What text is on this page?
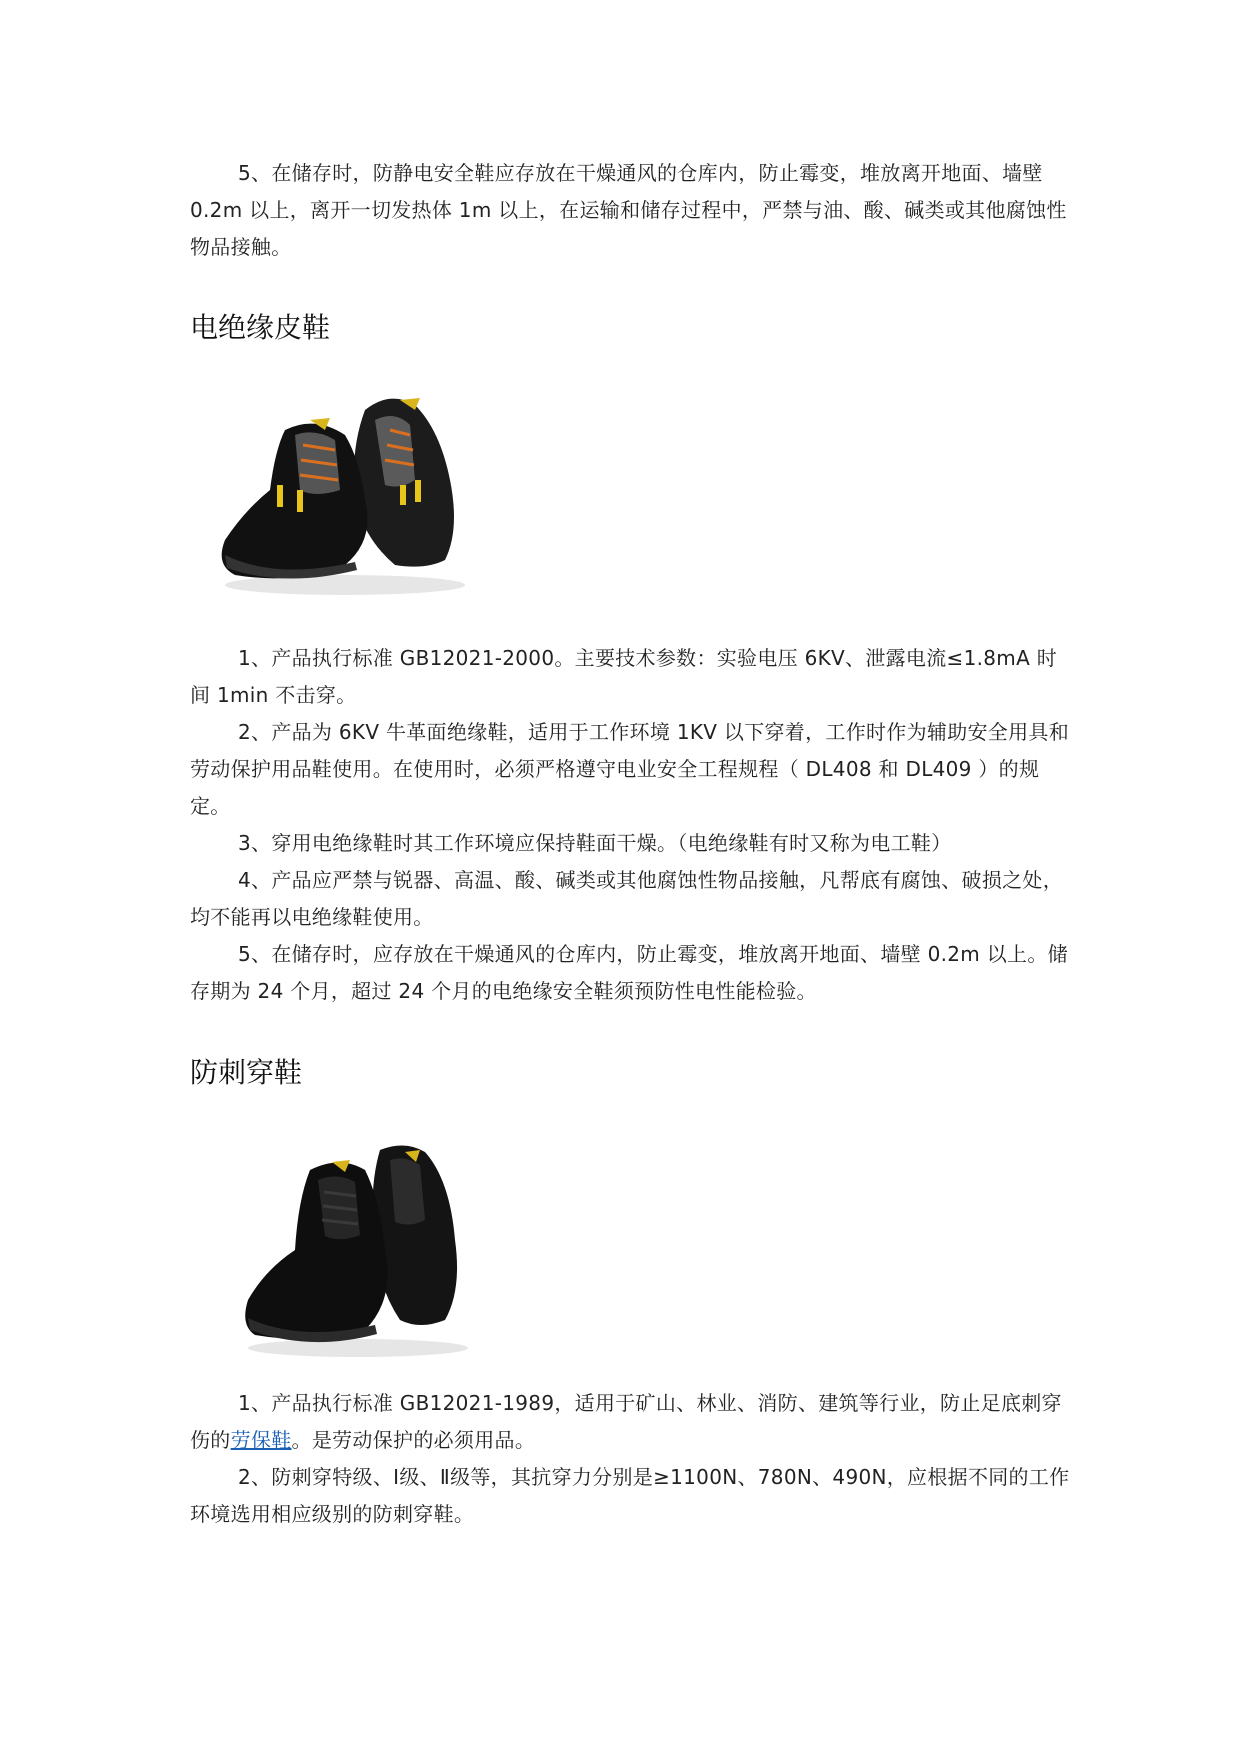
5、在储存时，防静电安全鞋应存放在干燥通风的仓库内，防止霉变，堆放离开地面、墙壁 0.2m 以上，离开一切发热体 1m 以上，在运输和储存过程中，严禁与油、酸、碱类或其他腐蚀性物品接触。

电绝缘皮鞋

1、产品执行标准 GB12021-2000。主要技术参数：实验电压 6KV、泄露电流≤1.8mA 时间 1min 不击穿。

2、产品为 6KV 牛革面绝缘鞋，适用于工作环境 1KV 以下穿着，工作时作为辅助安全用具和劳动保护用品鞋使用。在使用时，必须严格遵守电业安全工程规程（ DL408 和 DL409 ）的规定。

3、穿用电绝缘鞋时其工作环境应保持鞋面干燥。（电绝缘鞋有时又称为电工鞋）

4、产品应严禁与锐器、高温、酸、碱类或其他腐蚀性物品接触，凡帮底有腐蚀、破损之处，均不能再以电绝缘鞋使用。

5、在储存时，应存放在干燥通风的仓库内，防止霉变，堆放离开地面、墙壁 0.2m 以上。储存期为 24 个月，超过 24 个月的电绝缘安全鞋须预防性电性能检验。

防刺穿鞋

1、产品执行标准 GB12021-1989，适用于矿山、林业、消防、建筑等行业，防止足底刺穿伤的劳保鞋。是劳动保护的必须用品。

2、防刺穿特级、Ⅰ级、Ⅱ级等，其抗穿力分别是≥1100N、780N、490N，应根据不同的工作环境选用相应级别的防刺穿鞋。
